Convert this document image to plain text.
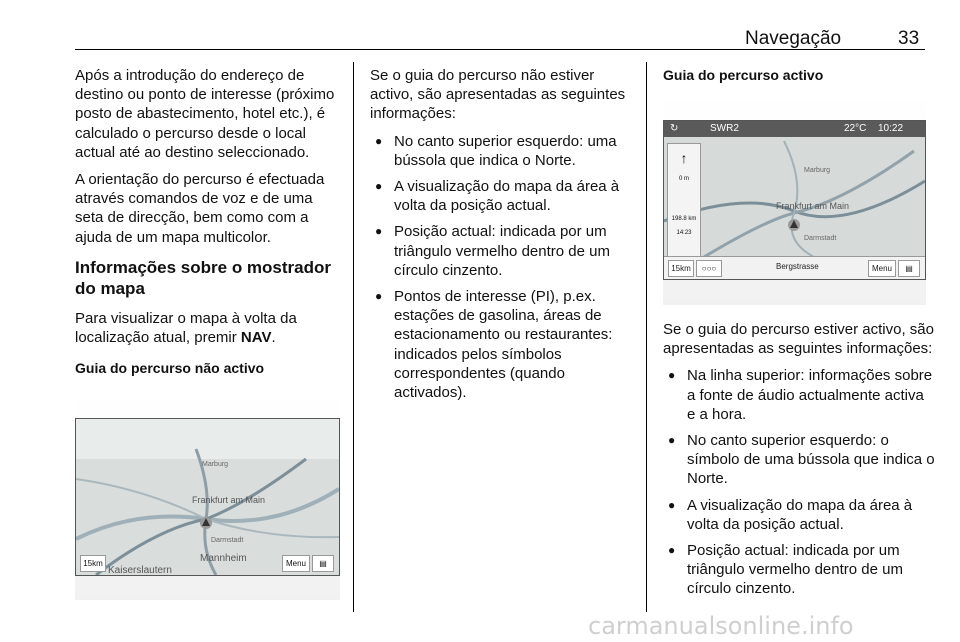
Navegação	33

Após a introdução do endereço de destino ou ponto de interesse (próximo posto de abastecimento, hotel etc.), é calculado o percurso desde o local actual até ao destino seleccionado.

A orientação do percurso é efectuada através comandos de voz e de uma seta de direcção, bem como com a ajuda de um mapa multicolor.

Informações sobre o mostrador do mapa

Para visualizar o mapa à volta da localização atual, premir NAV.

Guia do percurso não activo

Se o guia do percurso não estiver activo, são apresentadas as seguintes informações:

● No canto superior esquerdo: uma bússola que indica o Norte.
● A visualização do mapa da área à volta da posição actual.
● Posição actual: indicada por um triângulo vermelho dentro de um círculo cinzento.
● Pontos de interesse (PI), p.ex. estações de gasolina, áreas de estacionamento ou restaurantes: indicados pelos símbolos correspondentes (quando activados).

Guia do percurso activo

Se o guia do percurso estiver activo, são apresentadas as seguintes informações:

● Na linha superior: informações sobre a fonte de áudio actualmente activa e a hora.
● No canto superior esquerdo: o símbolo de uma bússola que indica o Norte.
● A visualização do mapa da área à volta da posição actual.
● Posição actual: indicada por um triângulo vermelho dentro de um círculo cinzento.
Frankfurt am Main
Mannheim
Kaiserslautern
Darmstadt
Marburg
15km	Menu	▤
↻	SWR2	22°C 10:22
↑
0 m
198.8 km
14:23
Frankfurt am Main
Darmstadt
Marburg
15km	○○○	Bergstrasse	Menu	▤
carmanualsonline.info
